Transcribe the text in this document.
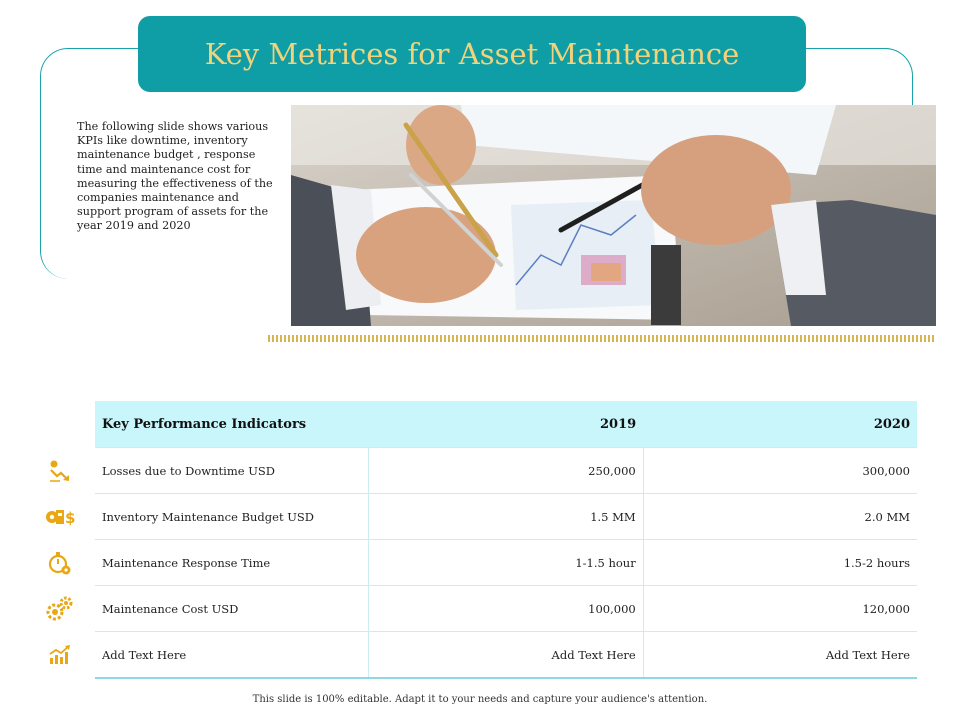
Key Metrices for Asset Maintenance
The following slide shows various KPIs like downtime, inventory maintenance budget , response time and maintenance cost for measuring the effectiveness of the companies maintenance and support program of assets for the year 2019 and 2020
$
Key Performance Indicators	2019	2020
Losses due to Downtime USD	250,000	300,000
Inventory Maintenance Budget USD	1.5 MM	2.0 MM
Maintenance Response Time	1-1.5 hour	1.5-2 hours
Maintenance Cost USD	100,000	120,000
Add Text Here	Add Text Here	Add Text Here
This slide is 100% editable. Adapt it to your needs and capture your audience's attention.
